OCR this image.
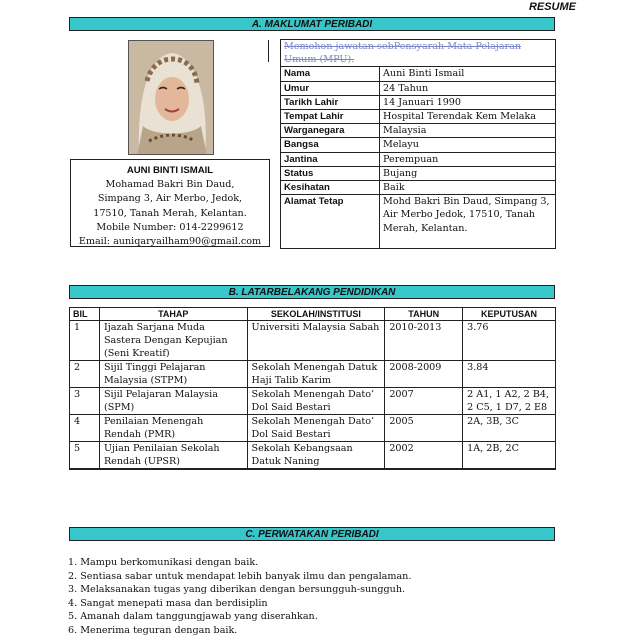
RESUME
A. MAKLUMAT PERIBADI
AUNI BINTI ISMAIL
Mohamad Bakri Bin Daud,
Simpang 3, Air Merbo, Jedok,
17510, Tanah Merah, Kelantan.
Mobile Number: 014-2299612
Email: auniqaryailham90@gmail.com
Memohon jawatan sebPensyarah Mata Pelajaran Umum (MPU).	
Nama	Auni Binti Ismail
Umur	24 Tahun
Tarikh Lahir	14 Januari 1990
Tempat Lahir	Hospital Terendak Kem Melaka
Warganegara	Malaysia
Bangsa	Melayu
Jantina	Perempuan
Status	Bujang
Kesihatan	Baik
Alamat Tetap	Mohd Bakri Bin Daud, Simpang 3, Air Merbo Jedok, 17510, Tanah Merah, Kelantan.
B. LATARBELAKANG PENDIDIKAN
BIL	TAHAP	SEKOLAH/INSTITUSI	TAHUN	KEPUTUSAN
1	Ijazah Sarjana Muda Sastera Dengan Kepujian (Seni Kreatif)	Universiti Malaysia Sabah	2010-2013	3.76
2	Sijil Tinggi Pelajaran Malaysia (STPM)	Sekolah Menengah Datuk Haji Talib Karim	2008-2009	3.84
3	Sijil Pelajaran Malaysia (SPM)	Sekolah Menengah Dato’ Dol Said Bestari	2007	2 A1, 1 A2, 2 B4, 2 C5, 1 D7, 2 E8
4	Penilaian Menengah Rendah (PMR)	Sekolah Menengah Dato’ Dol Said Bestari	2005	2A, 3B, 3C
5	Ujian Penilaian Sekolah Rendah (UPSR)	Sekolah Kebangsaan Datuk Naning	2002	1A, 2B, 2C
C. PERWATAKAN PERIBADI
1. Mampu berkomunikasi dengan baik.
2. Sentiasa sabar untuk mendapat lebih banyak ilmu dan pengalaman.
3. Melaksanakan tugas yang diberikan dengan bersungguh-sungguh.
4. Sangat menepati masa dan berdisiplin
5. Amanah dalam tanggungjawab yang diserahkan.
6. Menerima teguran dengan baik.
